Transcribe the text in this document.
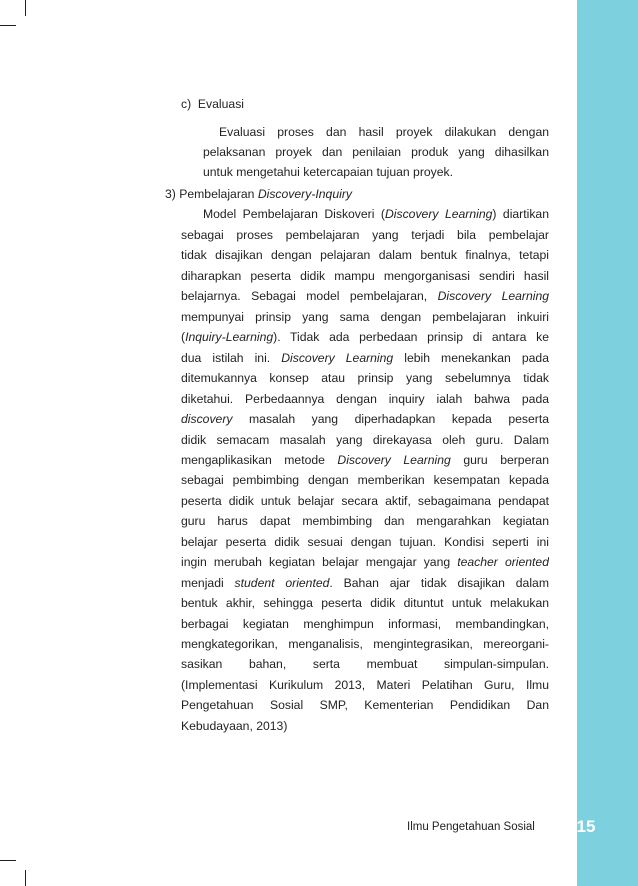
c)  Evaluasi
Evaluasi proses dan hasil proyek dilakukan dengan
pelaksanan proyek dan penilaian produk yang dihasilkan
untuk mengetahui ketercapaian tujuan proyek.
3) Pembelajaran Discovery-Inquiry
Model Pembelajaran Diskoveri (Discovery Learning) diartikan
sebagai proses pembelajaran yang terjadi bila pembelajar
tidak disajikan dengan pelajaran dalam bentuk finalnya, tetapi
diharapkan peserta didik mampu mengorganisasi sendiri hasil
belajarnya. Sebagai model pembelajaran, Discovery Learning
mempunyai prinsip yang sama dengan pembelajaran inkuiri
(Inquiry-Learning). Tidak ada perbedaan prinsip di antara ke
dua istilah ini. Discovery Learning lebih menekankan pada
ditemukannya konsep atau prinsip yang sebelumnya tidak
diketahui. Perbedaannya dengan inquiry ialah bahwa pada
discovery masalah yang diperhadapkan kepada peserta
didik semacam masalah yang direkayasa oleh guru. Dalam
mengaplikasikan metode Discovery Learning guru berperan
sebagai pembimbing dengan memberikan kesempatan kepada
peserta didik untuk belajar secara aktif, sebagaimana pendapat
guru harus dapat membimbing dan mengarahkan kegiatan
belajar peserta didik sesuai dengan tujuan. Kondisi seperti ini
ingin merubah kegiatan belajar mengajar yang teacher oriented
menjadi student oriented. Bahan ajar tidak disajikan dalam
bentuk akhir, sehingga peserta didik dituntut untuk melakukan
berbagai kegiatan menghimpun informasi, membandingkan,
mengkategorikan, menganalisis, mengintegrasikan, mereorgani-
sasikan bahan, serta membuat simpulan-simpulan.
(Implementasi Kurikulum 2013, Materi Pelatihan Guru, Ilmu
Pengetahuan Sosial SMP, Kementerian Pendidikan Dan
Kebudayaan, 2013)
Ilmu Pengetahuan Sosial	15
